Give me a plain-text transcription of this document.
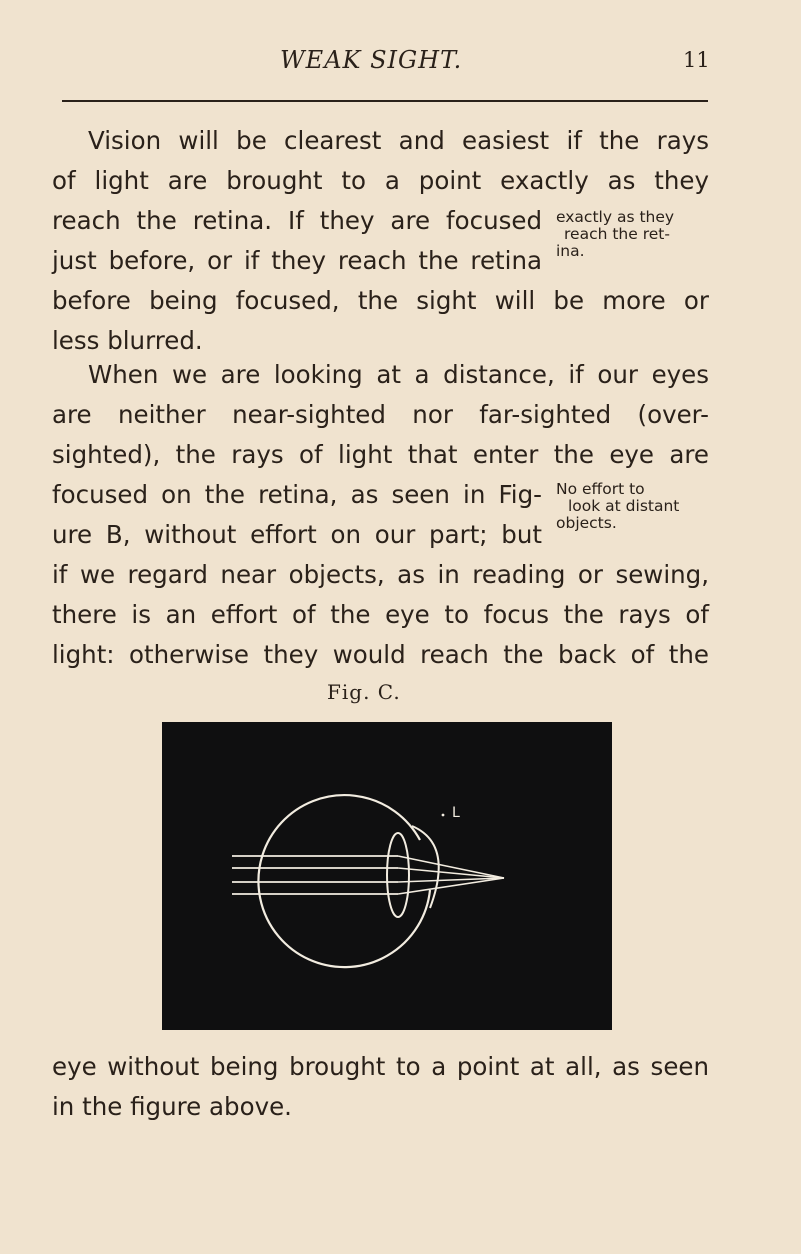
WEAK SIGHT.	11
Vision will be clearest and easiest if the rays
of light are brought to a point exactly as they
reach the retina. If they are focused
just before, or if they reach the retina
before being focused, the sight will be more or
less blurred.
exactly as they
reach the ret-
ina.
When we are looking at a distance, if our eyes
are neither near-sighted nor far-sighted (over-
sighted), the rays of light that enter the eye are
focused on the retina, as seen in Fig-
ure B, without effort on our part; but
if we regard near objects, as in reading or sewing,
there is an effort of the eye to focus the rays of
light: otherwise they would reach the back of the
No effort to
look at distant
objects.
Fig. C.
L
eye without being brought to a point at all, as seen
in the figure above.
